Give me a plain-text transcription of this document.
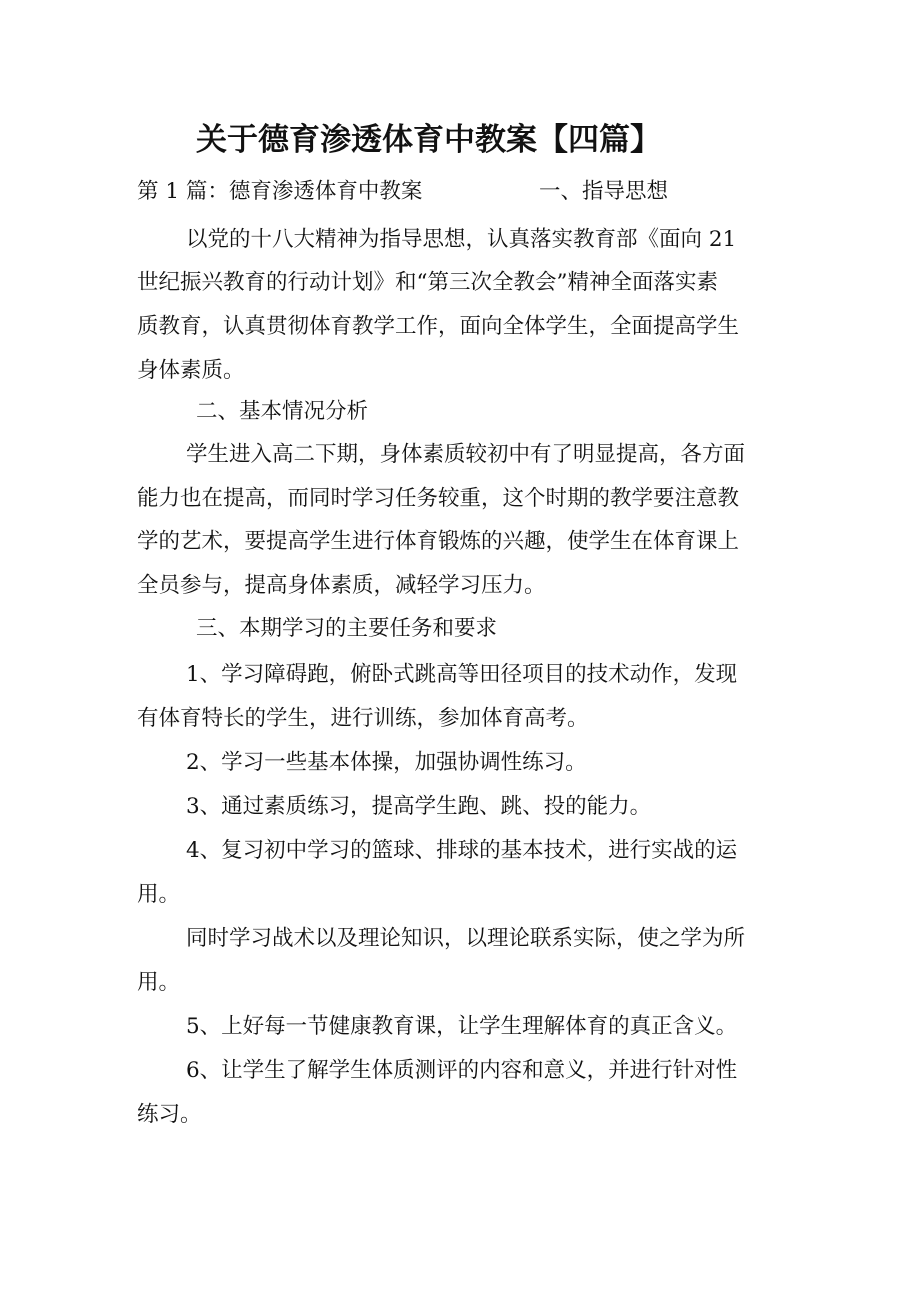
关于德育渗透体育中教案【四篇】
第 1 篇：德育渗透体育中教案	一、指导思想
以党的十八大精神为指导思想，认真落实教育部《面向 21
世纪振兴教育的行动计划》和“第三次全教会”精神全面落实素
质教育，认真贯彻体育教学工作，面向全体学生，全面提高学生
身体素质。
二、基本情况分析
学生进入高二下期，身体素质较初中有了明显提高，各方面
能力也在提高，而同时学习任务较重，这个时期的教学要注意教
学的艺术，要提高学生进行体育锻炼的兴趣，使学生在体育课上
全员参与，提高身体素质，减轻学习压力。
三、本期学习的主要任务和要求
1、学习障碍跑，俯卧式跳高等田径项目的技术动作，发现
有体育特长的学生，进行训练，参加体育高考。
2、学习一些基本体操，加强协调性练习。
3、通过素质练习，提高学生跑、跳、投的能力。
4、复习初中学习的篮球、排球的基本技术，进行实战的运
用。
同时学习战术以及理论知识，以理论联系实际，使之学为所
用。
5、上好每一节健康教育课，让学生理解体育的真正含义。
6、让学生了解学生体质测评的内容和意义，并进行针对性
练习。
